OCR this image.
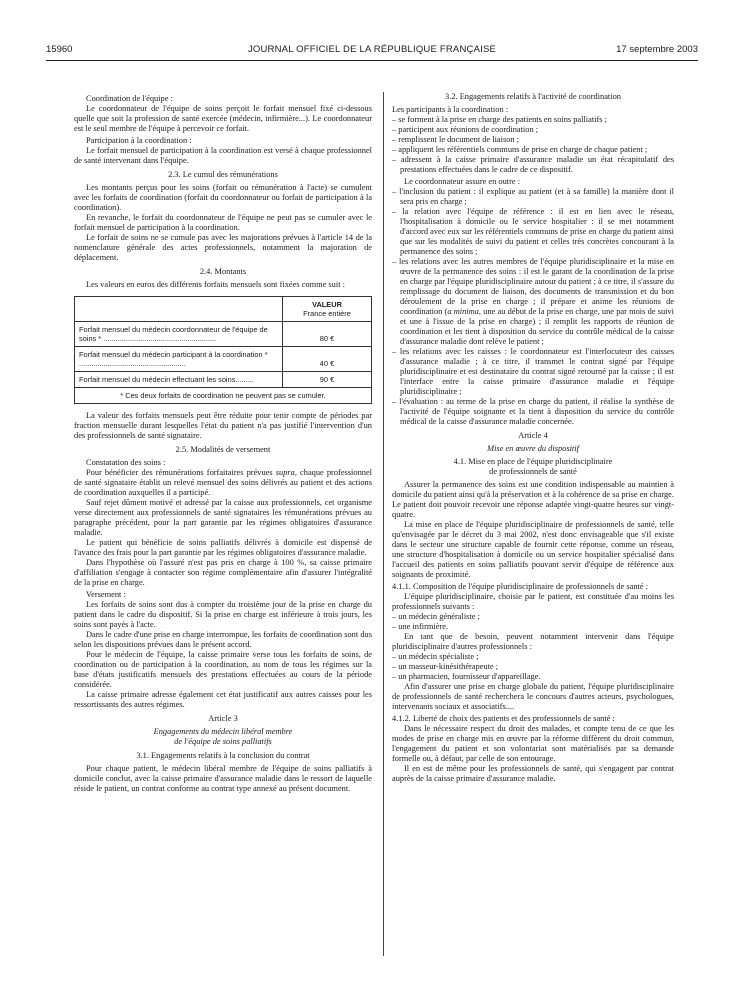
15960	JOURNAL OFFICIEL DE LA RÉPUBLIQUE FRANÇAISE	17 septembre 2003

Coordination de l'équipe :

Le coordonnateur de l'équipe de soins perçoit le forfait mensuel fixé ci-dessous quelle que soit la profession de santé exercée (médecin, infirmière...). Le coordonnateur est le seul membre de l'équipe à percevoir ce forfait.

Participation à la coordination :

Le forfait mensuel de participation à la coordination est versé à chaque professionnel de santé intervenant dans l'équipe.

2.3. Le cumul des rémunérations

Les montants perçus pour les soins (forfait ou rémunération à l'acte) se cumulent avec les forfaits de coordination (forfait du coordonnateur ou forfait de participation à la coordination).

En revanche, le forfait du coordonnateur de l'équipe ne peut pas se cumuler avec le forfait mensuel de participation à la coordination.

Le forfait de soins ne se cumule pas avec les majorations prévues à l'article 14 de la nomenclature générale des actes professionnels, notamment la majoration de déplacement.

2.4. Montants

Les valeurs en euros des différents forfaits mensuels sont fixées comme suit :

	VALEUR
France entière

Forfait mensuel du médecin coordonnateur de l'équipe de soins * .......................................................	80 €
Forfait mensuel du médecin participant à la coordination * ....................................................	40 €
Forfait mensuel du médecin effectuant les soins.........	90 €
* Ces deux forfaits de coordination ne peuvent pas se cumuler.	

La valeur des forfaits mensuels peut être réduite pour tenir compte de périodes par fraction mensuelle durant lesquelles l'état du patient n'a pas justifié l'intervention d'un des professionnels de santé signataire.

2.5. Modalités de versement

Constatation des soins :

Pour bénéficier des rémunérations forfaitaires prévues supra, chaque professionnel de santé signataire établit un relevé mensuel des soins délivrés au patient et des actions de coordination auxquelles il a participé.

Sauf rejet dûment motivé et adressé par la caisse aux professionnels, cet organisme verse directement aux professionnels de santé signataires les rémunérations prévues au paragraphe précédent, pour la part garantie par les régimes obligatoires d'assurance maladie.

Le patient qui bénéficie de soins palliatifs délivrés à domicile est dispensé de l'avance des frais pour la part garantie par les régimes obligatoires d'assurance maladie.

Dans l'hypothèse où l'assuré n'est pas pris en charge à 100 %, sa caisse primaire d'affiliation s'engage à contacter son régime complémentaire afin d'assurer l'intégralité de la prise en charge.

Versement :

Les forfaits de soins sont dus à compter du troisième jour de la prise en charge du patient dans le cadre du dispositif. Si la prise en charge est inférieure à trois jours, les soins sont payés à l'acte.

Dans le cadre d'une prise en charge interrompue, les forfaits de coordination sont dus selon les dispositions prévues dans le présent accord.

Pour le médecin de l'équipe, la caisse primaire verse tous les forfaits de soins, de coordination ou de participation à la coordination, au nom de tous les régimes sur la base d'états justificatifs mensuels des prestations effectuées au cours de la période considérée.

La caisse primaire adresse également cet état justificatif aux autres caisses pour les ressortissants des autres régimes.

Article 3

Engagements du médecin libéral membre

de l'équipe de soins palliatifs

3.1. Engagements relatifs à la conclusion du contrat

Pour chaque patient, le médecin libéral membre de l'équipe de soins palliatifs à domicile conclut, avec la caisse primaire d'assurance maladie dans le ressort de laquelle réside le patient, un contrat conforme au contrat type annexé au présent document.

3.2. Engagements relatifs à l'activité de coordination

Les participants à la coordination :

– se forment à la prise en charge des patients en soins palliatifs ;

– participent aux réunions de coordination ;

– remplissent le document de liaison ;

– appliquent les référentiels communs de prise en charge de chaque patient ;

– adressent à la caisse primaire d'assurance maladie un état récapitulatif des prestations effectuées dans le cadre de ce dispositif.

Le coordonnateur assure en outre :

– l'inclusion du patient : il explique au patient (et à sa famille) la manière dont il sera pris en charge ;

– la relation avec l'équipe de référence : il est en lien avec le réseau, l'hospitalisation à domicile ou le service hospitalier : il se met notamment d'accord avec eux sur les référentiels communs de prise en charge du patient ainsi que sur les modalités de suivi du patient et celles très concrètes concourant à la permanence des soins ;

– les relations avec les autres membres de l'équipe pluridisciplinaire et la mise en œuvre de la permanence des soins : il est le garant de la coordination de la prise en charge par l'équipe pluridisciplinaire autour du patient ; à ce titre, il s'assure du remplissage du document de liaison, des documents de transmission et du bon déroulement de la prise en charge ; il prépare et anime les réunions de coordination (a minima, une au début de la prise en charge, une par mois de suivi et une à l'issue de la prise en charge) ; il remplit les rapports de réunion de coordination et les tient à disposition du service du contrôle médical de la caisse d'assurance maladie dont relève le patient ;

– les relations avec les caisses : le coordonnateur est l'interlocuteur des caisses d'assurance maladie ; à ce titre, il transmet le contrat signé par l'équipe pluridisciplinaire et est destinataire du contrat signé retourné par la caisse ; il est l'interface entre la caisse primaire d'assurance maladie et l'équipe pluridisciplinaire ;

– l'évaluation : au terme de la prise en charge du patient, il réalise la synthèse de l'activité de l'équipe soignante et la tient à disposition du service du contrôle médical de la caisse d'assurance maladie concernée.

Article 4

Mise en œuvre du dispositif

4.1. Mise en place de l'équipe pluridisciplinaire

de professionnels de santé

Assurer la permanence des soins est une condition indispensable au maintien à domicile du patient ainsi qu'à la préservation et à la cohérence de sa prise en charge. Le patient doit pouvoir recevoir une réponse adaptée vingt-quatre heures sur vingt-quatre.

La mise en place de l'équipe pluridisciplinaire de professionnels de santé, telle qu'envisagée par le décret du 3 mai 2002, n'est donc envisageable que s'il existe dans le secteur une structure capable de fournir cette réponse, comme un réseau, une structure d'hospitalisation à domicile ou un service hospitalier spécialisé dans l'accueil des patients en soins palliatifs pouvant servir d'équipe de référence aux soignants de proximité.

4.1.1. Composition de l'équipe pluridisciplinaire de professionnels de santé :

L'équipe pluridisciplinaire, choisie par le patient, est constituée d'au moins les professionnels suivants :

– un médecin généraliste ;

– une infirmière.

En tant que de besoin, peuvent notamment intervenir dans l'équipe pluridisciplinaire d'autres professionnels :

– un médecin spécialiste ;

– un masseur-kinésithérapeute ;

– un pharmacien, fournisseur d'appareillage.

Afin d'assurer une prise en charge globale du patient, l'équipe pluridisciplinaire de professionnels de santé recherchera le concours d'autres acteurs, psychologues, intervenants sociaux et associatifs....

4.1.2. Liberté de choix des patients et des professionnels de santé :

Dans le nécessaire respect du droit des malades, et compte tenu de ce que les modes de prise en charge mis en œuvre par la réforme diffèrent du droit commun, l'engagement du patient et son volontariat sont matérialisés par sa demande formelle ou, à défaut, par celle de son entourage.

Il en est de même pour les professionnels de santé, qui s'engagent par contrat auprès de la caisse primaire d'assurance maladie.
